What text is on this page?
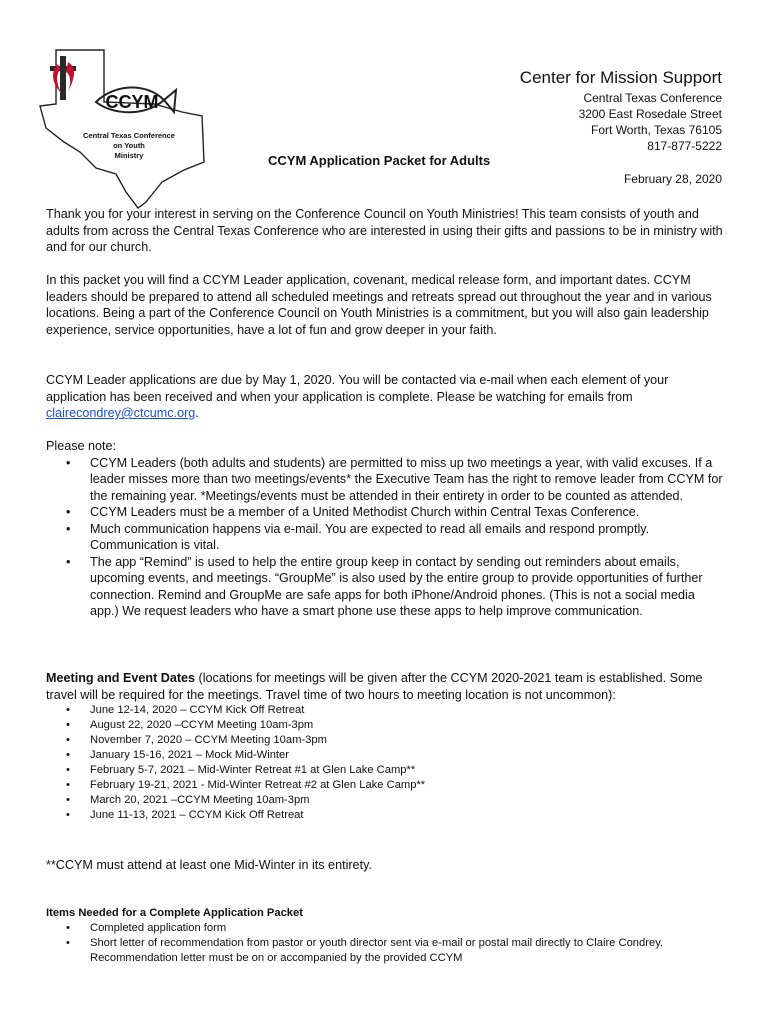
CCYM
Central Texas Conference
on Youth
Ministry
Center for Mission Support
Central Texas Conference
3200 East Rosedale Street
Fort Worth, Texas 76105
817-877-5222
CCYM Application Packet for Adults
February 28, 2020

Thank you for your interest in serving on the Conference Council on Youth Ministries! This team consists of youth and adults from across the Central Texas Conference who are interested in using their gifts and passions to be in ministry with and for our church.

In this packet you will find a CCYM Leader application, covenant, medical release form, and important dates. CCYM leaders should be prepared to attend all scheduled meetings and retreats spread out throughout the year and in various locations. Being a part of the Conference Council on Youth Ministries is a commitment, but you will also gain leadership experience, service opportunities, have a lot of fun and grow deeper in your faith.

CCYM Leader applications are due by May 1, 2020. You will be contacted via e-mail when each element of your application has been received and when your application is complete. Please be watching for emails from clairecondrey@ctcumc.org.

Please note:

• CCYM Leaders (both adults and students) are permitted to miss up two meetings a year, with valid excuses. If a leader misses more than two meetings/events* the Executive Team has the right to remove leader from CCYM for the remaining year. *Meetings/events must be attended in their entirety in order to be counted as attended.
• CCYM Leaders must be a member of a United Methodist Church within Central Texas Conference.
• Much communication happens via e-mail. You are expected to read all emails and respond promptly. Communication is vital.
• The app “Remind” is used to help the entire group keep in contact by sending out reminders about emails, upcoming events, and meetings. “GroupMe” is also used by the entire group to provide opportunities of further connection. Remind and GroupMe are safe apps for both iPhone/Android phones. (This is not a social media app.) We request leaders who have a smart phone use these apps to help improve communication.

Meeting and Event Dates (locations for meetings will be given after the CCYM 2020-2021 team is established. Some travel will be required for the meetings. Travel time of two hours to meeting location is not uncommon):

• June 12-14, 2020 – CCYM Kick Off Retreat
• August 22, 2020 –CCYM Meeting 10am-3pm
• November 7, 2020 – CCYM Meeting 10am-3pm
• January 15-16, 2021 – Mock Mid-Winter
• February 5-7, 2021 – Mid-Winter Retreat #1 at Glen Lake Camp**
• February 19-21, 2021 - Mid-Winter Retreat #2 at Glen Lake Camp**
• March 20, 2021 –CCYM Meeting 10am-3pm
• June 11-13, 2021 – CCYM Kick Off Retreat
**CCYM must attend at least one Mid-Winter in its entirety.

Items Needed for a Complete Application Packet

• Completed application form
• Short letter of recommendation from pastor or youth director sent via e-mail or postal mail directly to Claire Condrey. Recommendation letter must be on or accompanied by the provided CCYM
